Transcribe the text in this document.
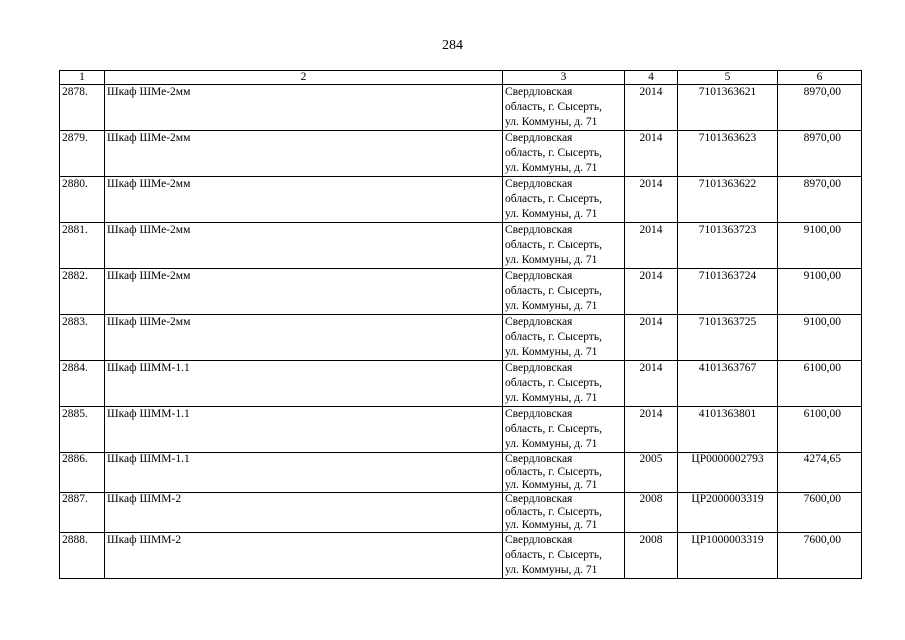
284
1	2	3	4	5	6
2878.	Шкаф ШМе-2мм	Свердловская
область, г. Сысерть,
ул. Коммуны, д. 71	2014	7101363621	8970,00
2879.	Шкаф ШМе-2мм	Свердловская
область, г. Сысерть,
ул. Коммуны, д. 71	2014	7101363623	8970,00
2880.	Шкаф ШМе-2мм	Свердловская
область, г. Сысерть,
ул. Коммуны, д. 71	2014	7101363622	8970,00
2881.	Шкаф ШМе-2мм	Свердловская
область, г. Сысерть,
ул. Коммуны, д. 71	2014	7101363723	9100,00
2882.	Шкаф ШМе-2мм	Свердловская
область, г. Сысерть,
ул. Коммуны, д. 71	2014	7101363724	9100,00
2883.	Шкаф ШМе-2мм	Свердловская
область, г. Сысерть,
ул. Коммуны, д. 71	2014	7101363725	9100,00
2884.	Шкаф ШММ-1.1	Свердловская
область, г. Сысерть,
ул. Коммуны, д. 71	2014	4101363767	6100,00
2885.	Шкаф ШММ-1.1	Свердловская
область, г. Сысерть,
ул. Коммуны, д. 71	2014	4101363801	6100,00
2886.	Шкаф ШММ-1.1	Свердловская
область, г. Сысерть,
ул. Коммуны, д. 71	2005	ЦР0000002793	4274,65
2887.	Шкаф ШММ-2	Свердловская
область, г. Сысерть,
ул. Коммуны, д. 71	2008	ЦР2000003319	7600,00
2888.	Шкаф ШММ-2	Свердловская
область, г. Сысерть,
ул. Коммуны, д. 71	2008	ЦР1000003319	7600,00
